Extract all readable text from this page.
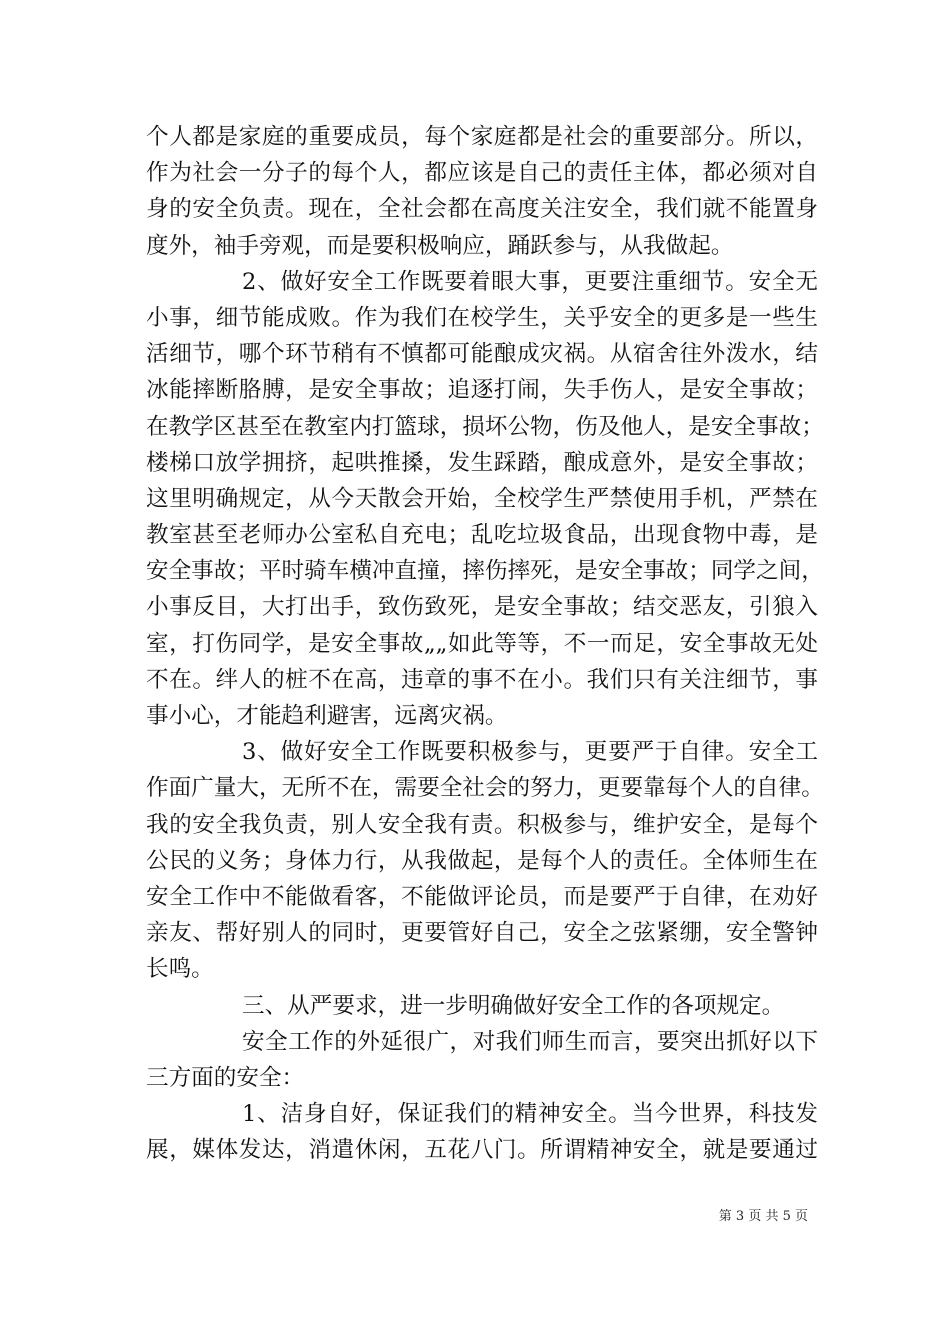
个人都是家庭的重要成员，每个家庭都是社会的重要部分。所以，
作为社会一分子的每个人，都应该是自己的责任主体，都必须对自
身的安全负责。现在，全社会都在高度关注安全，我们就不能置身
度外，袖手旁观，而是要积极响应，踊跃参与，从我做起。
2、做好安全工作既要着眼大事，更要注重细节。安全无
小事，细节能成败。作为我们在校学生，关乎安全的更多是一些生
活细节，哪个环节稍有不慎都可能酿成灾祸。从宿舍往外泼水，结
冰能摔断胳膊，是安全事故；追逐打闹，失手伤人，是安全事故；
在教学区甚至在教室内打篮球，损坏公物，伤及他人，是安全事故；
楼梯口放学拥挤，起哄推搡，发生踩踏，酿成意外，是安全事故；
这里明确规定，从今天散会开始，全校学生严禁使用手机，严禁在
教室甚至老师办公室私自充电；乱吃垃圾食品，出现食物中毒，是
安全事故；平时骑车横冲直撞，摔伤摔死，是安全事故；同学之间，
小事反目，大打出手，致伤致死，是安全事故；结交恶友，引狼入
室，打伤同学，是安全事故„„如此等等，不一而足，安全事故无处
不在。绊人的桩不在高，违章的事不在小。我们只有关注细节，事
事小心，才能趋利避害，远离灾祸。
3、做好安全工作既要积极参与，更要严于自律。安全工
作面广量大，无所不在，需要全社会的努力，更要靠每个人的自律。
我的安全我负责，别人安全我有责。积极参与，维护安全，是每个
公民的义务；身体力行，从我做起，是每个人的责任。全体师生在
安全工作中不能做看客，不能做评论员，而是要严于自律，在劝好
亲友、帮好别人的同时，更要管好自己，安全之弦紧绷，安全警钟
长鸣。
三、从严要求，进一步明确做好安全工作的各项规定。
安全工作的外延很广，对我们师生而言，要突出抓好以下
三方面的安全：
1、洁身自好，保证我们的精神安全。当今世界，科技发
展，媒体发达，消遣休闲，五花八门。所谓精神安全，就是要通过
第 3 页 共 5 页
